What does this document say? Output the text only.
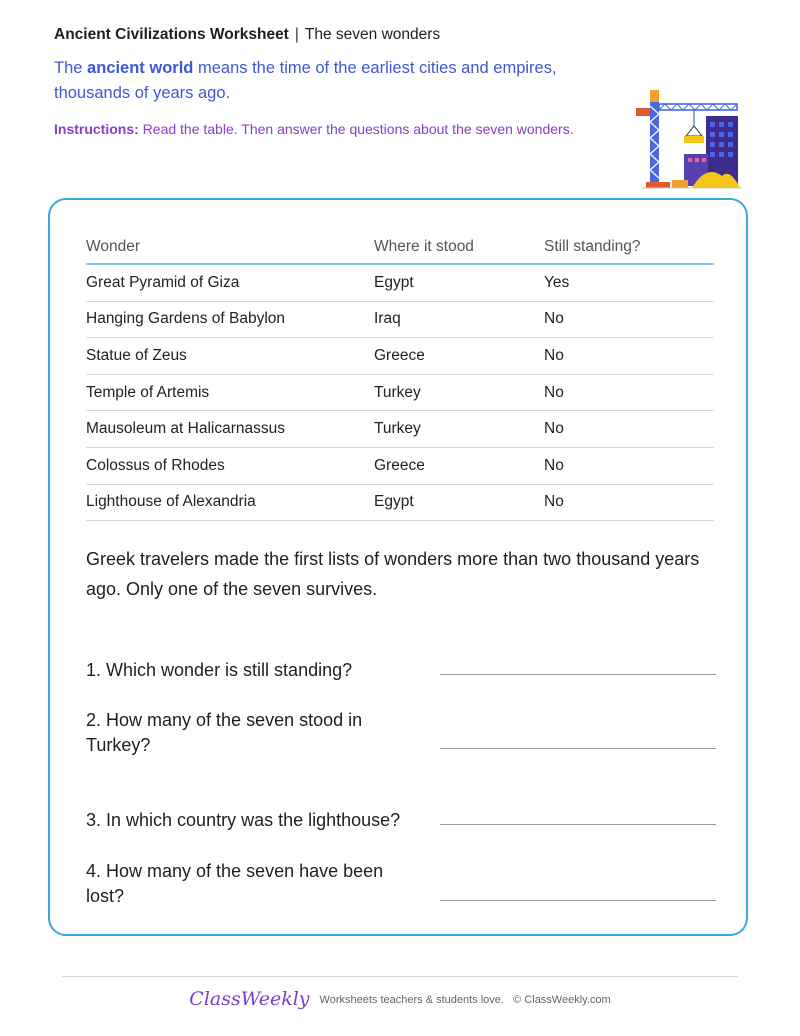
Ancient Civilizations Worksheet | The seven wonders
The ancient world means the time of the earliest cities and empires, thousands of years ago.
Instructions: Read the table. Then answer the questions about the seven wonders.
Wonder	Where it stood	Still standing?
Great Pyramid of Giza	Egypt	Yes
Hanging Gardens of Babylon	Iraq	No
Statue of Zeus	Greece	No
Temple of Artemis	Turkey	No
Mausoleum at Halicarnassus	Turkey	No
Colossus of Rhodes	Greece	No
Lighthouse of Alexandria	Egypt	No
Greek travelers made the first lists of wonders more than two thousand years ago. Only one of the seven survives.
1. Which wonder is still standing?
2. How many of the seven stood in Turkey?
3. In which country was the lighthouse?
4. How many of the seven have been lost?
ClassWeekly Worksheets teachers & students love. © ClassWeekly.com
